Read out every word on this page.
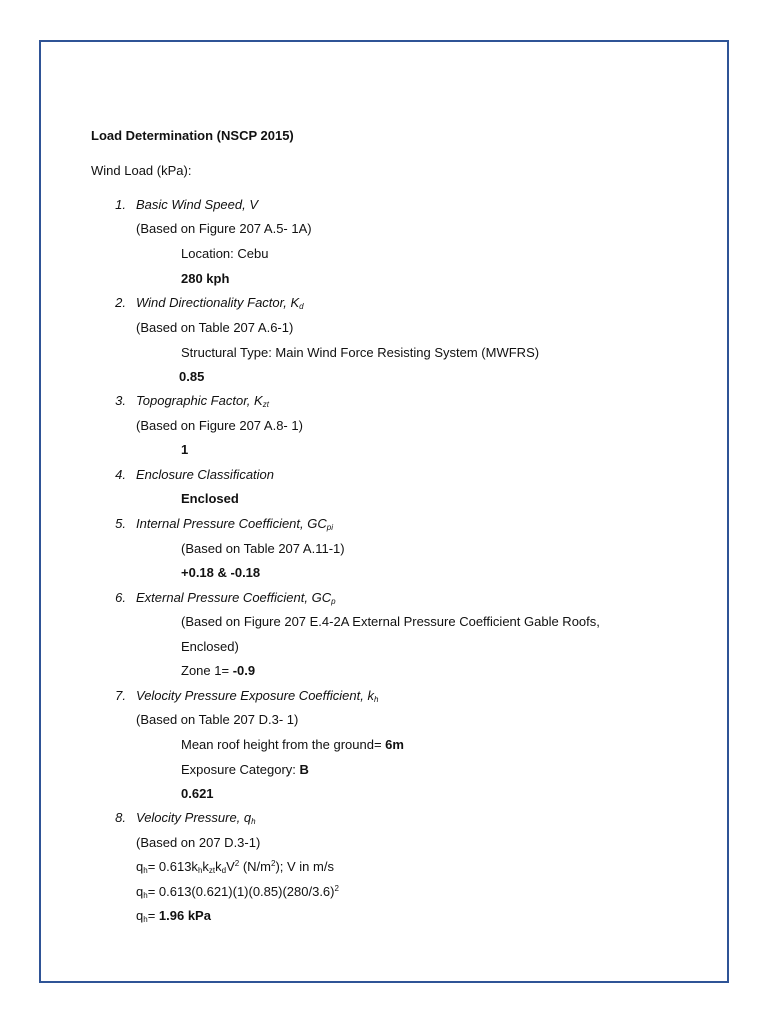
Load Determination (NSCP 2015)
Wind Load (kPa):
1. Basic Wind Speed, V
(Based on Figure 207 A.5- 1A)
Location: Cebu
280 kph
2. Wind Directionality Factor, $K_d$
(Based on Table 207 A.6-1)
Structural Type: Main Wind Force Resisting System (MWFRS)
0.85
3. Topographic Factor, $K_{zt}$
(Based on Figure 207 A.8- 1)
1
4. Enclosure Classification
Enclosed
5. Internal Pressure Coefficient, $GC_{pi}$
(Based on Table 207 A.11-1)
+0.18 & -0.18
6. External Pressure Coefficient, $GC_p$
(Based on Figure 207 E.4-2A External Pressure Coefficient Gable Roofs,
Enclosed)
Zone 1= -0.9
7. Velocity Pressure Exposure Coefficient, $k_h$
(Based on Table 207 D.3- 1)
Mean roof height from the ground= 6m
Exposure Category: B
0.621
8. Velocity Pressure, $q_h$
(Based on 207 D.3-1)
$q_h= 0.613k_hk_{zt}k_dV^2$ $(N/m^2)$; V in m/s
$q_h= 0.613(0.621)(1)(0.85)(280/3.6)^2$
$q_h= 1.96$ kPa
